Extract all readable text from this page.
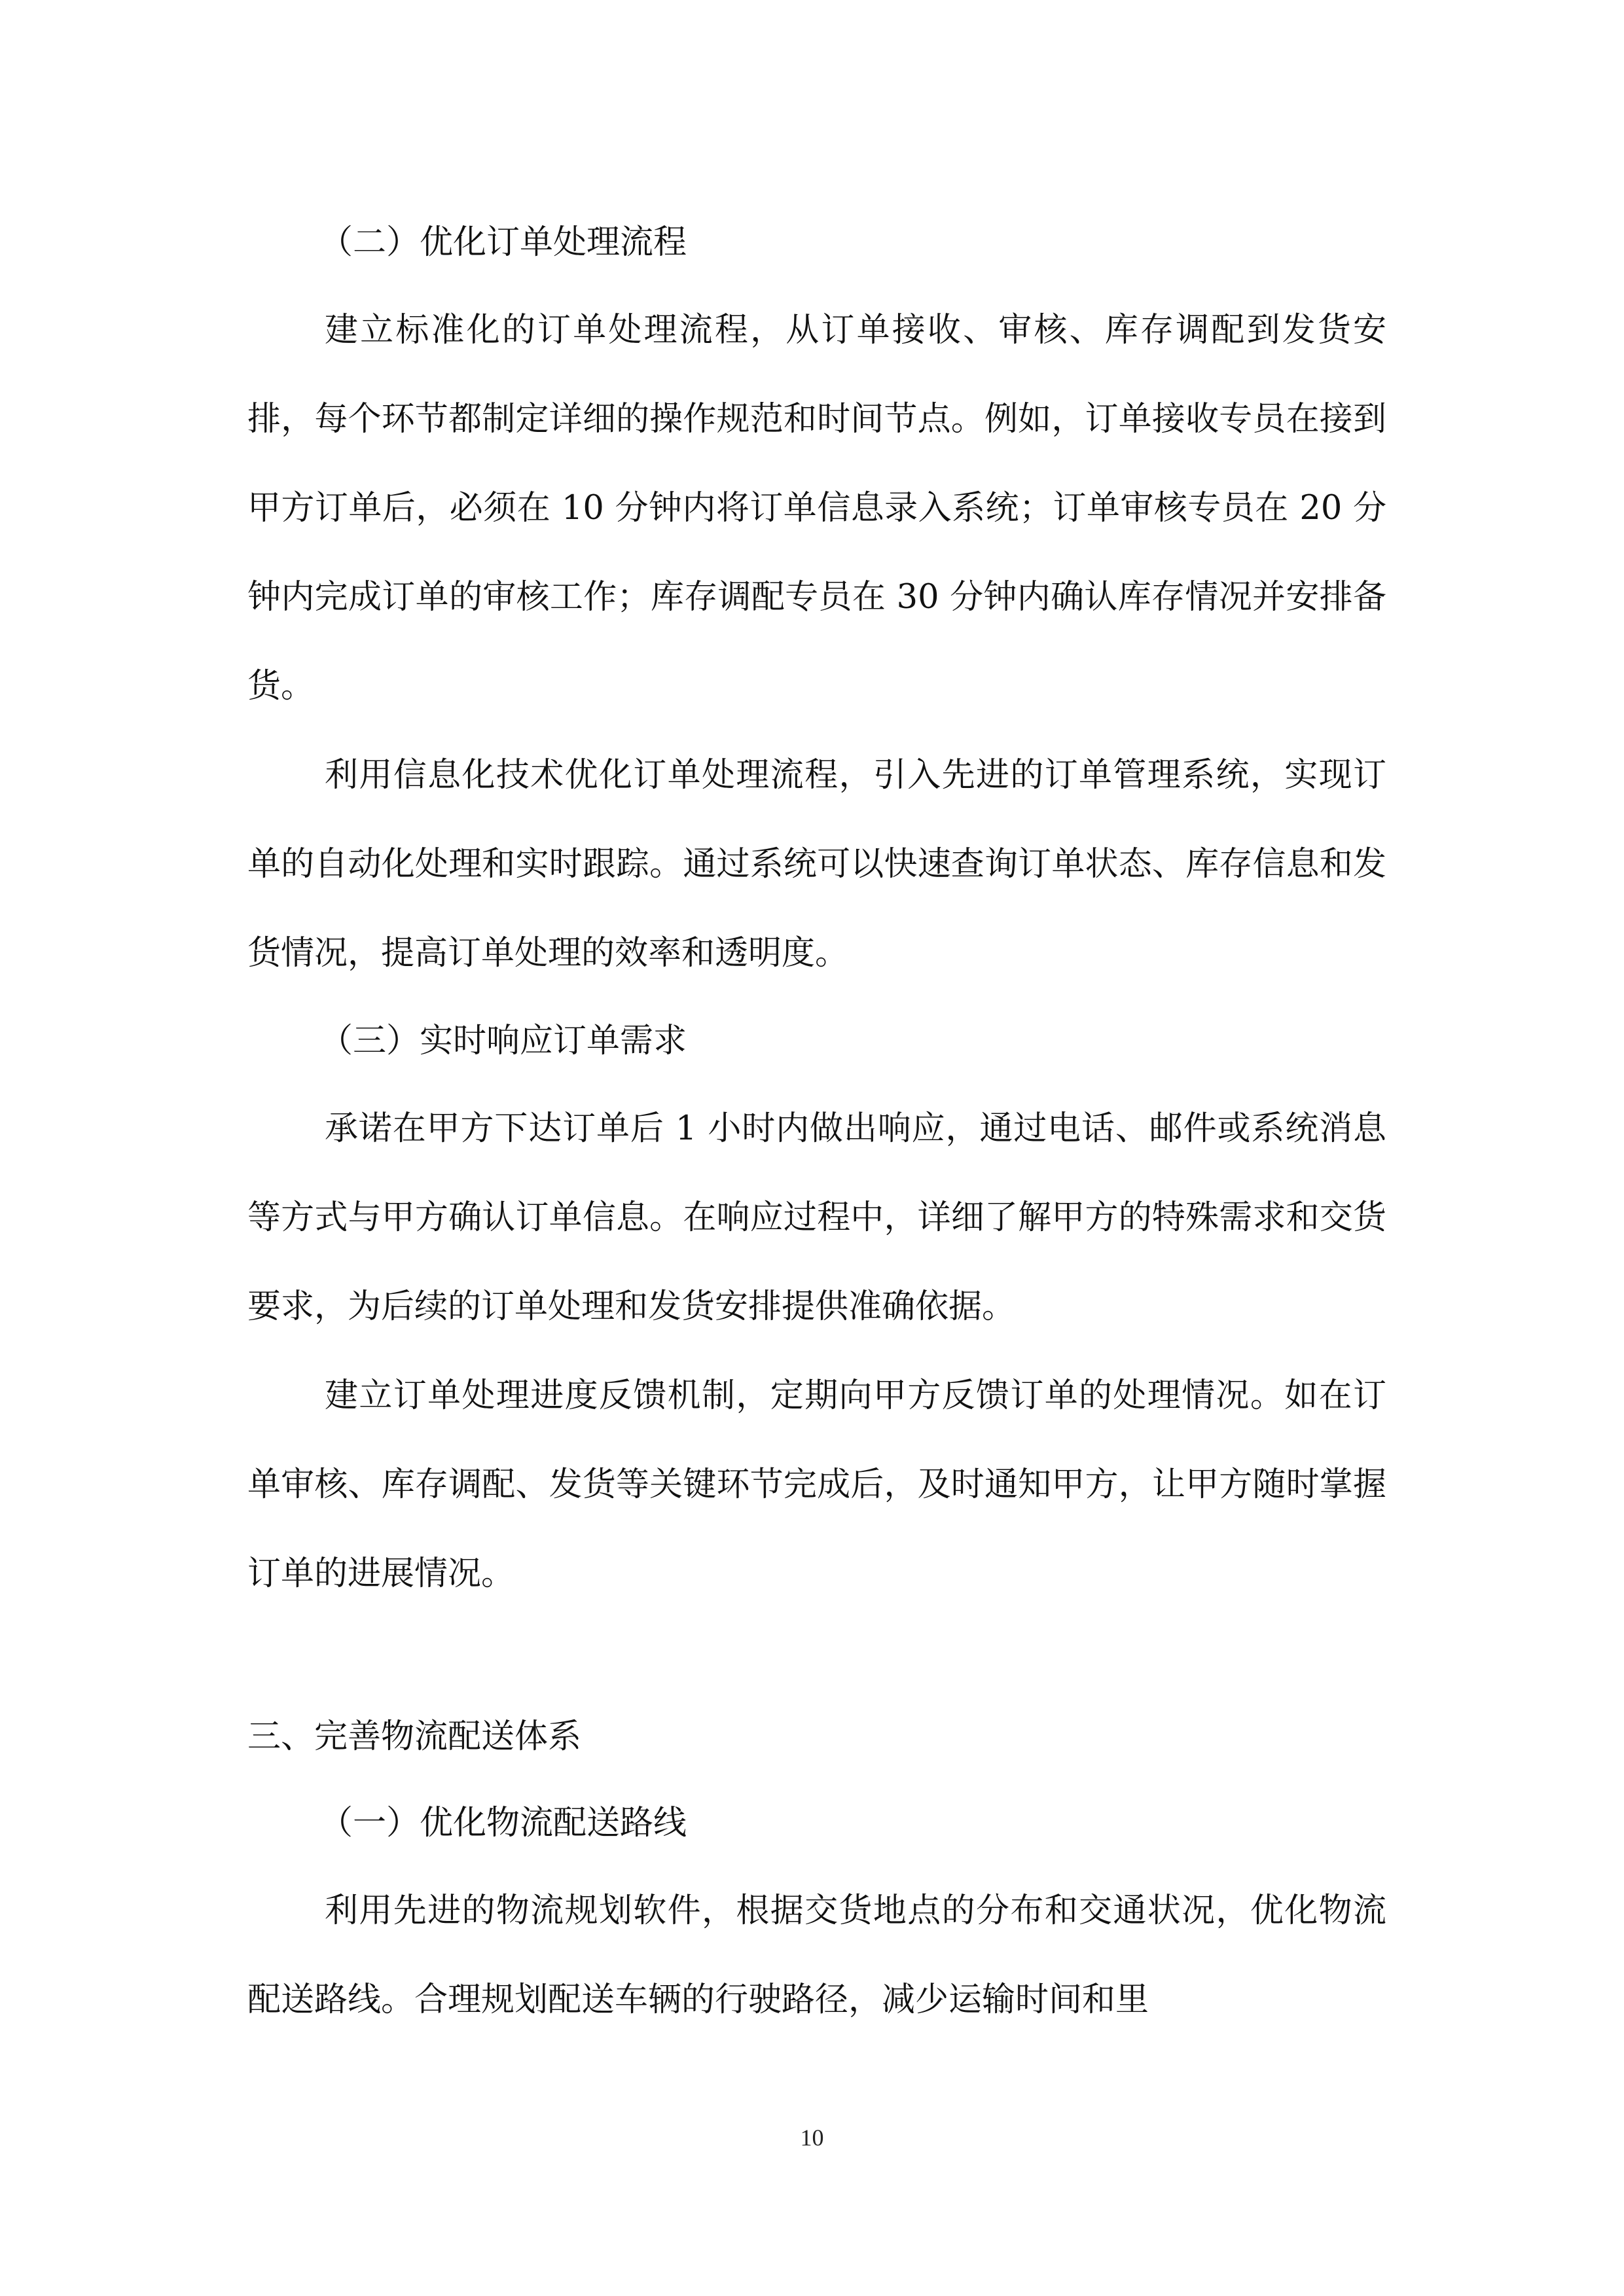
（二）优化订单处理流程

建立标准化的订单处理流程，从订单接收、审核、库存调配到发货安排，每个环节都制定详细的操作规范和时间节点。例如，订单接收专员在接到甲方订单后，必须在 10 分钟内将订单信息录入系统；订单审核专员在 20 分钟内完成订单的审核工作；库存调配专员在 30 分钟内确认库存情况并安排备货。

利用信息化技术优化订单处理流程，引入先进的订单管理系统，实现订单的自动化处理和实时跟踪。通过系统可以快速查询订单状态、库存信息和发货情况，提高订单处理的效率和透明度。

（三）实时响应订单需求

承诺在甲方下达订单后 1 小时内做出响应，通过电话、邮件或系统消息等方式与甲方确认订单信息。在响应过程中，详细了解甲方的特殊需求和交货要求，为后续的订单处理和发货安排提供准确依据。

建立订单处理进度反馈机制，定期向甲方反馈订单的处理情况。如在订单审核、库存调配、发货等关键环节完成后，及时通知甲方，让甲方随时掌握订单的进展情况。

三、完善物流配送体系

（一）优化物流配送路线

利用先进的物流规划软件，根据交货地点的分布和交通状况，优化物流配送路线。合理规划配送车辆的行驶路径，减少运输时间和里

10
